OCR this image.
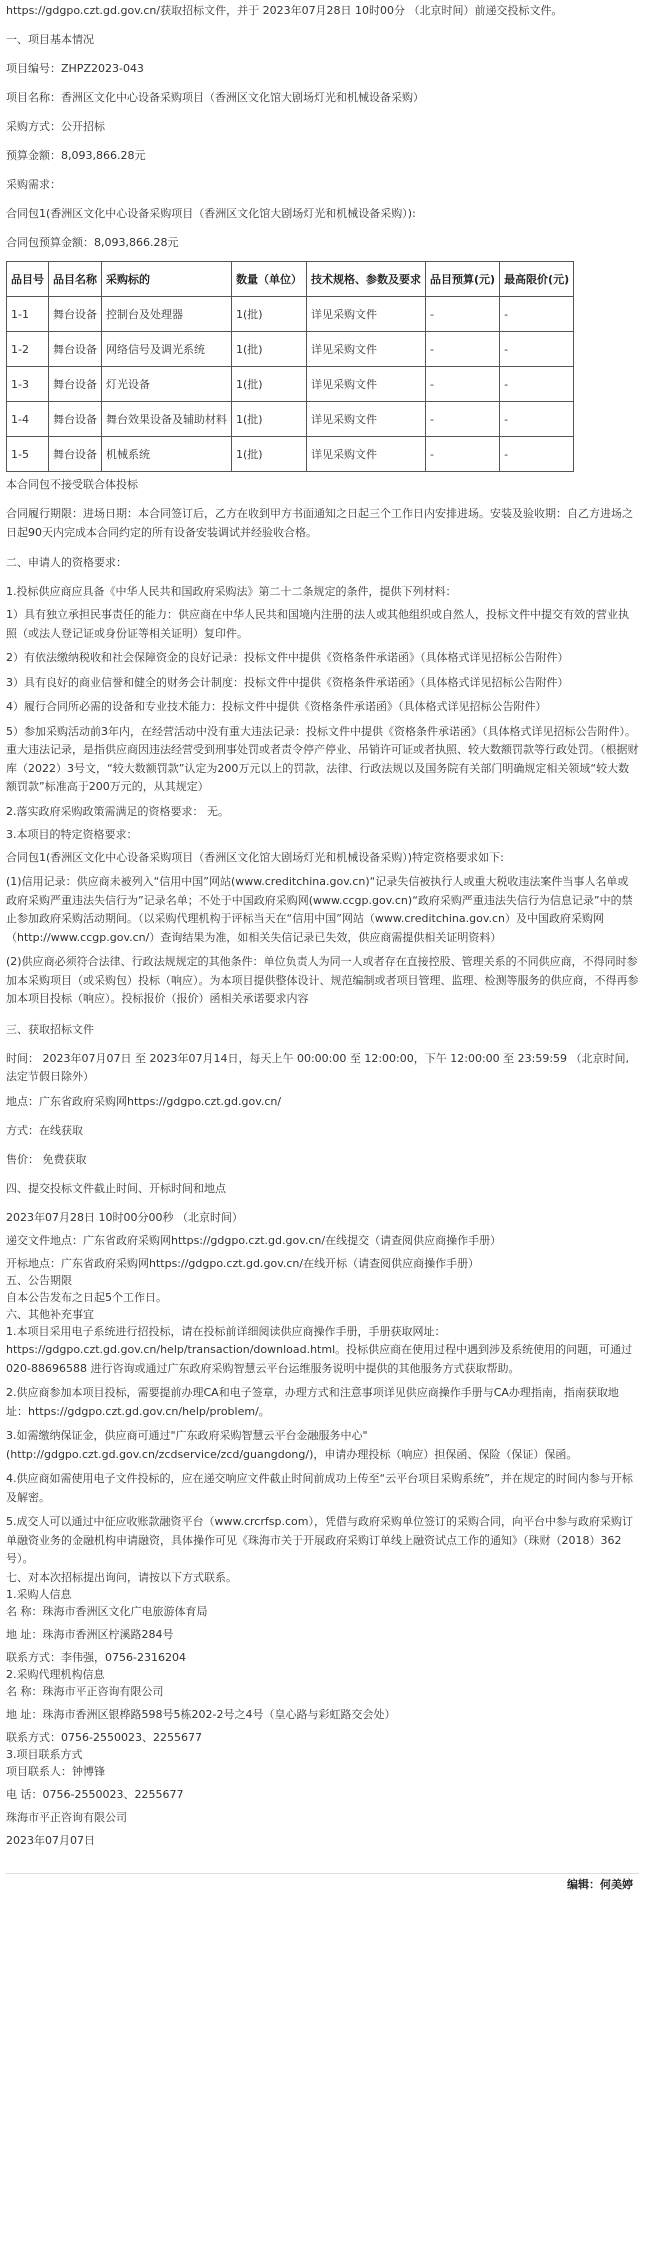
https://gdgpo.czt.gd.gov.cn/获取招标文件，并于 2023年07月28日 10时00分 （北京时间）前递交投标文件。

一、项目基本情况

项目编号：ZHPZ2023-043

项目名称：香洲区文化中心设备采购项目（香洲区文化馆大剧场灯光和机械设备采购）

采购方式：公开招标

预算金额：8,093,866.28元

采购需求：

合同包1(香洲区文化中心设备采购项目（香洲区文化馆大剧场灯光和机械设备采购）):

合同包预算金额：8,093,866.28元

品目号	品目名称	采购标的	数量（单位）	技术规格、参数及要求	品目预算(元)	最高限价(元)
1-1	舞台设备	控制台及处理器	1(批)	详见采购文件	-	-
1-2	舞台设备	网络信号及调光系统	1(批)	详见采购文件	-	-
1-3	舞台设备	灯光设备	1(批)	详见采购文件	-	-
1-4	舞台设备	舞台效果设备及辅助材料	1(批)	详见采购文件	-	-
1-5	舞台设备	机械系统	1(批)	详见采购文件	-	-

本合同包不接受联合体投标

合同履行期限：进场日期：本合同签订后，乙方在收到甲方书面通知之日起三个工作日内安排进场。安装及验收期：自乙方进场之日起90天内完成本合同约定的所有设备安装调试并经验收合格。

二、申请人的资格要求：

1.投标供应商应具备《中华人民共和国政府采购法》第二十二条规定的条件，提供下列材料：

1）具有独立承担民事责任的能力：供应商在中华人民共和国境内注册的法人或其他组织或自然人，投标文件中提交有效的营业执照（或法人登记证或身份证等相关证明）复印件。

2）有依法缴纳税收和社会保障资金的良好记录：投标文件中提供《资格条件承诺函》（具体格式详见招标公告附件）

3）具有良好的商业信誉和健全的财务会计制度：投标文件中提供《资格条件承诺函》（具体格式详见招标公告附件）

4）履行合同所必需的设备和专业技术能力：投标文件中提供《资格条件承诺函》（具体格式详见招标公告附件）

5）参加采购活动前3年内，在经营活动中没有重大违法记录：投标文件中提供《资格条件承诺函》（具体格式详见招标公告附件）。重大违法记录，是指供应商因违法经营受到刑事处罚或者责令停产停业、吊销许可证或者执照、较大数额罚款等行政处罚。（根据财库（2022）3号文，“较大数额罚款”认定为200万元以上的罚款，法律、行政法规以及国务院有关部门明确规定相关领域“较大数额罚款”标准高于200万元的，从其规定）

2.落实政府采购政策需满足的资格要求： 无。

3.本项目的特定资格要求：

合同包1(香洲区文化中心设备采购项目（香洲区文化馆大剧场灯光和机械设备采购）)特定资格要求如下:

(1)信用记录：供应商未被列入“信用中国”网站(www.creditchina.gov.cn)“记录失信被执行人或重大税收违法案件当事人名单或政府采购严重违法失信行为”记录名单；不处于中国政府采购网(www.ccgp.gov.cn)“政府采购严重违法失信行为信息记录”中的禁止参加政府采购活动期间。（以采购代理机构于评标当天在“信用中国”网站（www.creditchina.gov.cn）及中国政府采购网（http://www.ccgp.gov.cn/）查询结果为准，如相关失信记录已失效，供应商需提供相关证明资料）

(2)供应商必须符合法律、行政法规规定的其他条件：单位负责人为同一人或者存在直接控股、管理关系的不同供应商，不得同时参加本采购项目（或采购包）投标（响应）。为本项目提供整体设计、规范编制或者项目管理、监理、检测等服务的供应商，不得再参加本项目投标（响应）。投标报价（报价）函相关承诺要求内容

三、获取招标文件

时间： 2023年07月07日 至 2023年07月14日，每天上午 00:00:00 至 12:00:00，下午 12:00:00 至 23:59:59 （北京时间,法定节假日除外）

地点：广东省政府采购网https://gdgpo.czt.gd.gov.cn/

方式：在线获取

售价： 免费获取

四、提交投标文件截止时间、开标时间和地点

2023年07月28日 10时00分00秒 （北京时间）

递交文件地点：广东省政府采购网https://gdgpo.czt.gd.gov.cn/在线提交（请查阅供应商操作手册）

开标地点：广东省政府采购网https://gdgpo.czt.gd.gov.cn/在线开标（请查阅供应商操作手册）

五、公告期限

自本公告发布之日起5个工作日。

六、其他补充事宜

1.本项目采用电子系统进行招投标，请在投标前详细阅读供应商操作手册，手册获取网址：https://gdgpo.czt.gd.gov.cn/help/transaction/download.html。投标供应商在使用过程中遇到涉及系统使用的问题，可通过020-88696588 进行咨询或通过广东政府采购智慧云平台运维服务说明中提供的其他服务方式获取帮助。

2.供应商参加本项目投标，需要提前办理CA和电子签章，办理方式和注意事项详见供应商操作手册与CA办理指南，指南获取地址：https://gdgpo.czt.gd.gov.cn/help/problem/。

3.如需缴纳保证金，供应商可通过"广东政府采购智慧云平台金融服务中心"

(http://gdgpo.czt.gd.gov.cn/zcdservice/zcd/guangdong/)，申请办理投标（响应）担保函、保险（保证）保函。

4.供应商如需使用电子文件投标的，应在递交响应文件截止时间前成功上传至“云平台项目采购系统”，并在规定的时间内参与开标及解密。

5.成交人可以通过中征应收账款融资平台（www.crcrfsp.com），凭借与政府采购单位签订的采购合同，向平台中参与政府采购订单融资业务的金融机构申请融资，具体操作可见《珠海市关于开展政府采购订单线上融资试点工作的通知》（珠财（2018）362号）。

七、对本次招标提出询问，请按以下方式联系。

1.采购人信息

名 称：珠海市香洲区文化广电旅游体育局

地 址：珠海市香洲区柠溪路284号

联系方式：李伟强，0756-2316204

2.采购代理机构信息

名 称：珠海市平正咨询有限公司

地 址：珠海市香洲区银桦路598号5栋202-2号之4号（皇心路与彩虹路交会处）

联系方式：0756-2550023、2255677

3.项目联系方式

项目联系人：钟博锋

电 话：0756-2550023、2255677

珠海市平正咨询有限公司

2023年07月07日

编辑：何美婷
